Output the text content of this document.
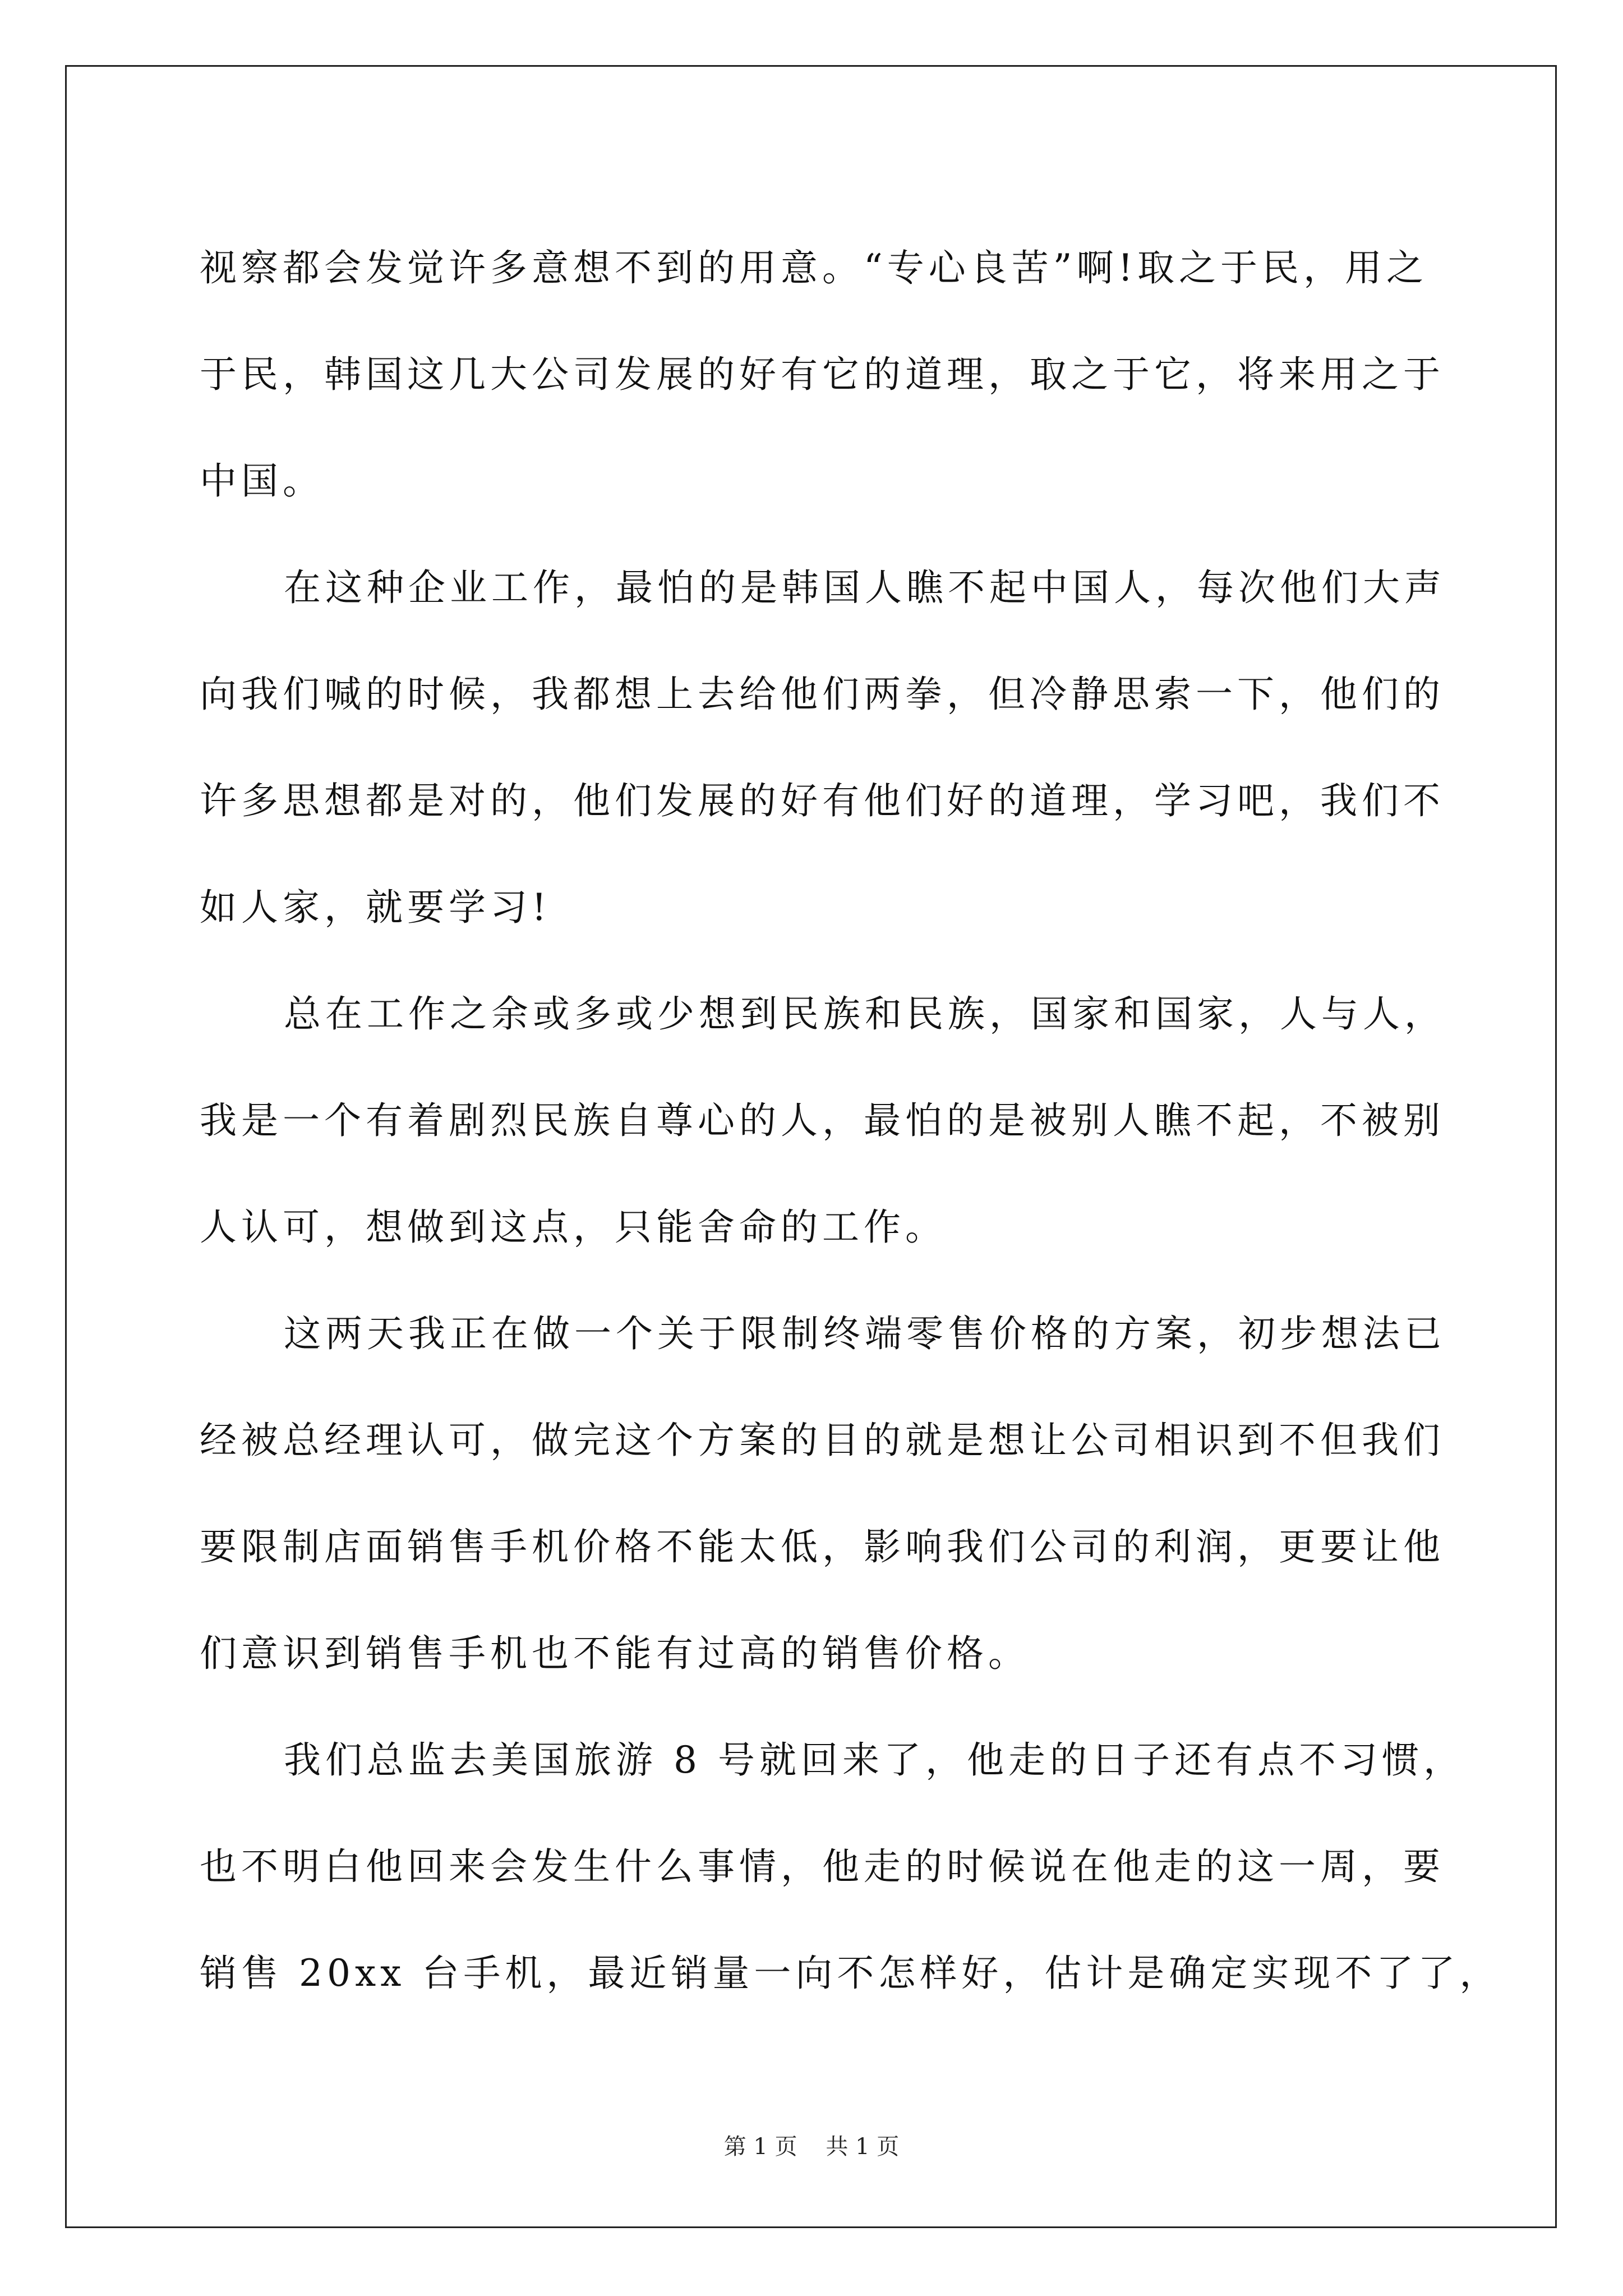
视察都会发觉许多意想不到的用意。“专心良苦”啊!取之于民，用之
于民，韩国这几大公司发展的好有它的道理，取之于它，将来用之于
中国。
在这种企业工作，最怕的是韩国人瞧不起中国人，每次他们大声
向我们喊的时候，我都想上去给他们两拳，但冷静思索一下，他们的
许多思想都是对的，他们发展的好有他们好的道理，学习吧，我们不
如人家，就要学习!
总在工作之余或多或少想到民族和民族，国家和国家，人与人，
我是一个有着剧烈民族自尊心的人，最怕的是被别人瞧不起，不被别
人认可，想做到这点，只能舍命的工作。
这两天我正在做一个关于限制终端零售价格的方案，初步想法已
经被总经理认可，做完这个方案的目的就是想让公司相识到不但我们
要限制店面销售手机价格不能太低，影响我们公司的利润，更要让他
们意识到销售手机也不能有过高的销售价格。
我们总监去美国旅游 8 号就回来了，他走的日子还有点不习惯，
也不明白他回来会发生什么事情，他走的时候说在他走的这一周，要
销售 20xx 台手机，最近销量一向不怎样好，估计是确定实现不了了，
第 1 页    共 1 页
